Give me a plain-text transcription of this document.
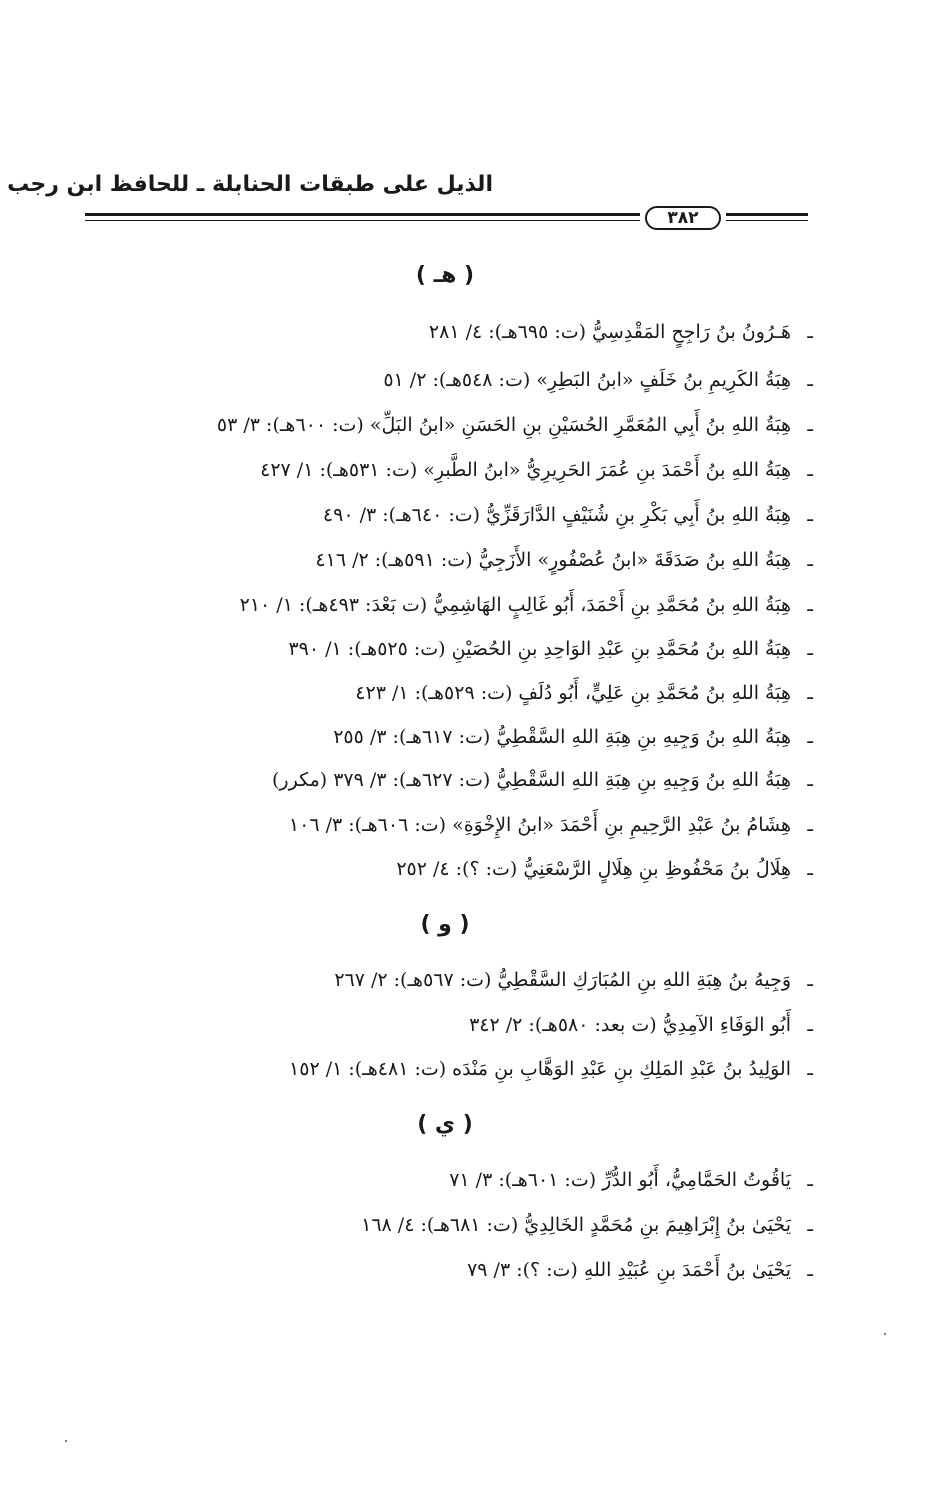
الذيل على طبقات الحنابلة ـ للحافظ ابن رجب
٣٨٢
( هـ )
ـهَـرُونُ بنُ رَاجِحٍ المَقْدِسِيُّ (ت: ٦٩٥هـ): ٤/ ٢٨١
ـهِبَةُ الكَرِيمِ بنُ خَلَفٍ «ابنُ البَطِرِ» (ت: ٥٤٨هـ): ٢/ ٥١
ـهِبَةُ اللهِ بنُ أَبِي المُعَمَّرِ الحُسَيْنِ بنِ الحَسَنِ «ابنُ البَلِّ» (ت: ٦٠٠هـ): ٣/ ٥٣
ـهِبَةُ اللهِ بنُ أَحْمَدَ بنِ عُمَرَ الحَرِيرِيُّ «ابنُ الطَّبرِ» (ت: ٥٣١هـ): ١/ ٤٢٧
ـهِبَةُ اللهِ بنُ أَبِي بَكْرِ بنِ شُنَيْفٍ الدَّارَقَزِّيُّ (ت: ٦٤٠هـ): ٣/ ٤٩٠
ـهِبَةُ اللهِ بنُ صَدَقَةَ «ابنُ عُصْفُورٍ» الأَزَجِيُّ (ت: ٥٩١هـ): ٢/ ٤١٦
ـهِبَةُ اللهِ بنُ مُحَمَّدِ بنِ أَحْمَدَ، أَبُو غَالِبٍ الهَاشِمِيُّ (ت بَعْدَ: ٤٩٣هـ): ١/ ٢١٠
ـهِبَةُ اللهِ بنُ مُحَمَّدِ بنِ عَبْدِ الوَاحِدِ بنِ الحُصَيْنِ (ت: ٥٢٥هـ): ١/ ٣٩٠
ـهِبَةُ اللهِ بنُ مُحَمَّدِ بنِ عَلِيٍّ، أَبُو دُلَفٍ (ت: ٥٢٩هـ): ١/ ٤٢٣
ـهِبَةُ اللهِ بنُ وَجِيهِ بنِ هِبَةِ اللهِ السَّقْطِيُّ (ت: ٦١٧هـ): ٣/ ٢٥٥
ـهِبَةُ اللهِ بنُ وَجِيهِ بنِ هِبَةِ اللهِ السَّقْطِيُّ (ت: ٦٢٧هـ): ٣/ ٣٧٩ (مكرر)
ـهِشَامُ بنُ عَبْدِ الرَّحِيمِ بنِ أَحْمَدَ «ابنُ الإِخْوَةِ» (ت: ٦٠٦هـ): ٣/ ١٠٦
ـهِلَالُ بنُ مَحْفُوظِ بنِ هِلَالٍ الرَّسْعَنِيُّ (ت: ؟): ٤/ ٢٥٢
( و )
ـوَجِيهُ بنُ هِبَةِ اللهِ بنِ المُبَارَكِ السَّقْطِيُّ (ت: ٥٦٧هـ): ٢/ ٢٦٧
ـأَبُو الوَفَاءِ الآمِدِيُّ (ت بعد: ٥٨٠هـ): ٢/ ٣٤٢
ـالوَلِيدُ بنُ عَبْدِ المَلِكِ بنِ عَبْدِ الوَهَّابِ بنِ مَنْدَه (ت: ٤٨١هـ): ١/ ١٥٢
( ي )
ـيَاقُوتُ الحَمَّامِيُّ، أَبُو الدُّرِّ (ت: ٦٠١هـ): ٣/ ٧١
ـيَحْيَىٰ بنُ إِبْرَاهِيمَ بنِ مُحَمَّدٍ الخَالِدِيُّ (ت: ٦٨١هـ): ٤/ ١٦٨
ـيَحْيَىٰ بنُ أَحْمَدَ بنِ عُبَيْدِ اللهِ (ت: ؟): ٣/ ٧٩
